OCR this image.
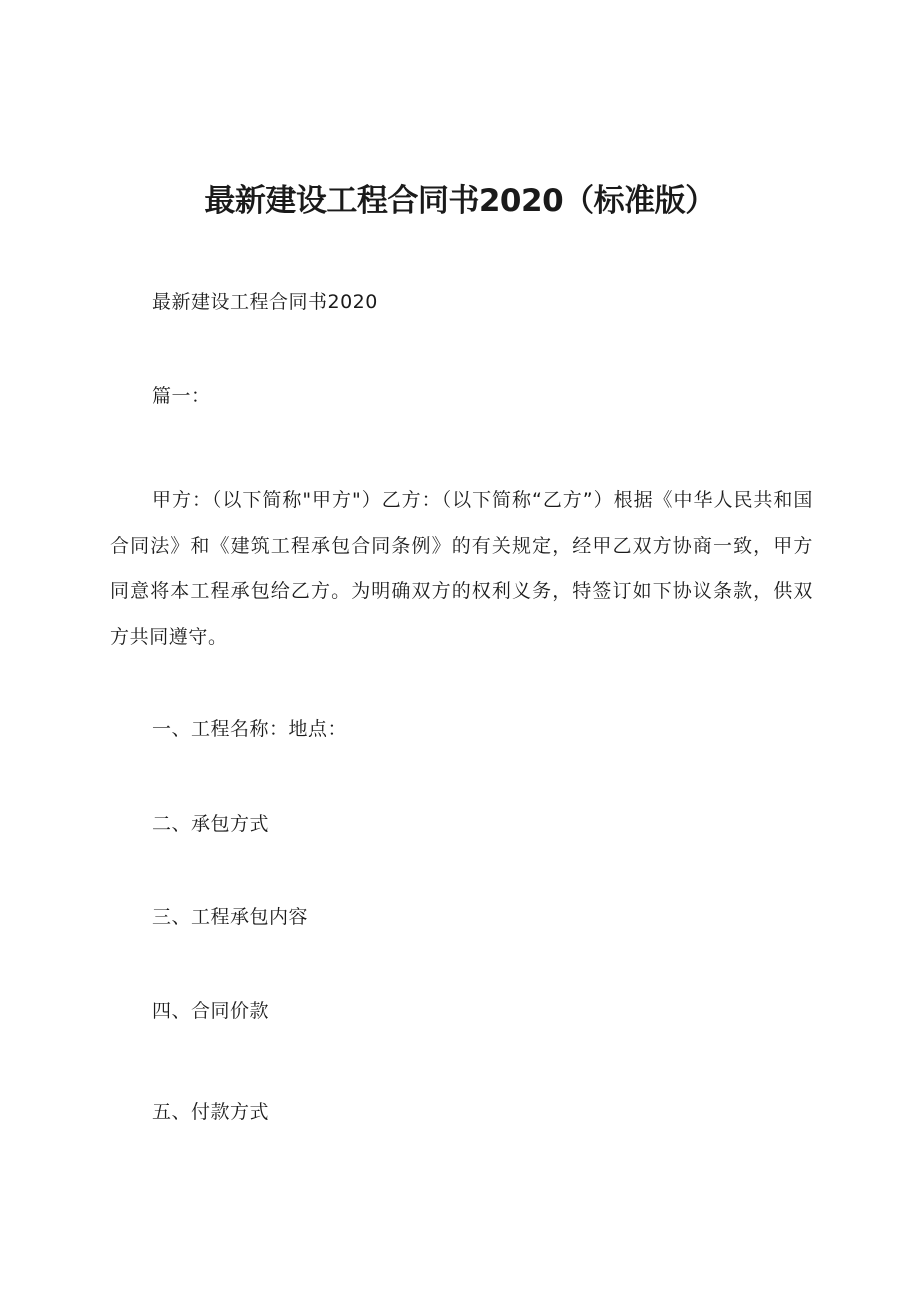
最新建设工程合同书2020（标准版）
最新建设工程合同书2020
篇一：
甲方：（以下简称"甲方"）乙方：（以下简称“乙方”）根据《中华人民共和国合同法》和《建筑工程承包合同条例》的有关规定，经甲乙双方协商一致，甲方同意将本工程承包给乙方。为明确双方的权利义务，特签订如下协议条款，供双方共同遵守。
一、工程名称：地点：
二、承包方式
三、工程承包内容
四、合同价款
五、付款方式
